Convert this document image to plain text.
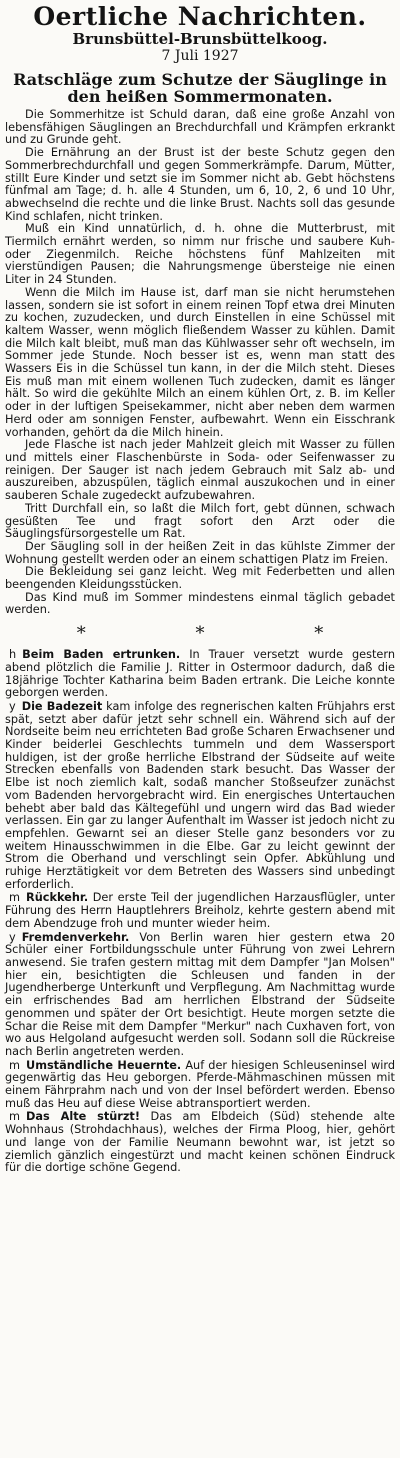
Oertliche Nachrichten.
Brunsbüttel-Brunsbüttelkoog.
7 Juli 1927
Ratschläge zum Schutze der Säuglinge in den heißen Sommermonaten.

Die Sommerhitze ist Schuld daran, daß eine große Anzahl von lebensfähigen Säuglingen an Brechdurchfall und Krämpfen erkrankt und zu Grunde geht.

Die Ernährung an der Brust ist der beste Schutz gegen den Sommerbrechdurchfall und gegen Sommerkrämpfe. Darum, Mütter, stillt Eure Kinder und setzt sie im Sommer nicht ab. Gebt höchstens fünfmal am Tage; d. h. alle 4 Stunden, um 6, 10, 2, 6 und 10 Uhr, abwechselnd die rechte und die linke Brust. Nachts soll das gesunde Kind schlafen, nicht trinken.

Muß ein Kind unnatürlich, d. h. ohne die Mutterbrust, mit Tiermilch ernährt werden, so nimm nur frische und saubere Kuh- oder Ziegenmilch. Reiche höchstens fünf Mahlzeiten mit vierstündigen Pausen; die Nahrungsmenge übersteige nie einen Liter in 24 Stunden.

Wenn die Milch im Hause ist, darf man sie nicht herumstehen lassen, sondern sie ist sofort in einem reinen Topf etwa drei Minuten zu kochen, zuzudecken, und durch Einstellen in eine Schüssel mit kaltem Wasser, wenn möglich fließendem Wasser zu kühlen. Damit die Milch kalt bleibt, muß man das Kühlwasser sehr oft wechseln, im Sommer jede Stunde. Noch besser ist es, wenn man statt des Wassers Eis in die Schüssel tun kann, in der die Milch steht. Dieses Eis muß man mit einem wollenen Tuch zudecken, damit es länger hält. So wird die gekühlte Milch an einem kühlen Ort, z. B. im Keller oder in der luftigen Speisekammer, nicht aber neben dem warmen Herd oder am sonnigen Fenster, aufbewahrt. Wenn ein Eisschrank vorhanden, gehört da die Milch hinein.

Jede Flasche ist nach jeder Mahlzeit gleich mit Wasser zu füllen und mittels einer Flaschenbürste in Soda- oder Seifenwasser zu reinigen. Der Sauger ist nach jedem Gebrauch mit Salz ab- und auszureiben, abzuspülen, täglich einmal auszukochen und in einer sauberen Schale zugedeckt aufzubewahren.

Tritt Durchfall ein, so laßt die Milch fort, gebt dünnen, schwach gesüßten Tee und fragt sofort den Arzt oder die Säuglingsfürsorgestelle um Rat.

Der Säugling soll in der heißen Zeit in das kühlste Zimmer der Wohnung gestellt werden oder an einem schattigen Platz im Freien.

Die Bekleidung sei ganz leicht. Weg mit Federbetten und allen beengenden Kleidungsstücken.

Das Kind muß im Sommer mindestens einmal täglich gebadet werden.

* * *

h Beim Baden ertrunken. In Trauer versetzt wurde gestern abend plötzlich die Familie J. Ritter in Ostermoor dadurch, daß die 18jährige Tochter Katharina beim Baden ertrank. Die Leiche konnte geborgen werden.

y Die Badezeit kam infolge des regnerischen kalten Frühjahrs erst spät, setzt aber dafür jetzt sehr schnell ein. Während sich auf der Nordseite beim neu errichteten Bad große Scharen Erwachsener und Kinder beiderlei Geschlechts tummeln und dem Wassersport huldigen, ist der große herrliche Elbstrand der Südseite auf weite Strecken ebenfalls von Badenden stark besucht. Das Wasser der Elbe ist noch ziemlich kalt, sodaß mancher Stoßseufzer zunächst vom Badenden hervorgebracht wird. Ein energisches Untertauchen behebt aber bald das Kältegefühl und ungern wird das Bad wieder verlassen. Ein gar zu langer Aufenthalt im Wasser ist jedoch nicht zu empfehlen. Gewarnt sei an dieser Stelle ganz besonders vor zu weitem Hinausschwimmen in die Elbe. Gar zu leicht gewinnt der Strom die Oberhand und verschlingt sein Opfer. Abkühlung und ruhige Herztätigkeit vor dem Betreten des Wassers sind unbedingt erforderlich.

m Rückkehr. Der erste Teil der jugendlichen Harzausflügler, unter Führung des Herrn Hauptlehrers Breiholz, kehrte gestern abend mit dem Abendzuge froh und munter wieder heim.

y Fremdenverkehr. Von Berlin waren hier gestern etwa 20 Schüler einer Fortbildungsschule unter Führung von zwei Lehrern anwesend. Sie trafen gestern mittag mit dem Dampfer "Jan Molsen" hier ein, besichtigten die Schleusen und fanden in der Jugendherberge Unterkunft und Verpflegung. Am Nachmittag wurde ein erfrischendes Bad am herrlichen Elbstrand der Südseite genommen und später der Ort besichtigt. Heute morgen setzte die Schar die Reise mit dem Dampfer "Merkur" nach Cuxhaven fort, von wo aus Helgoland aufgesucht werden soll. Sodann soll die Rückreise nach Berlin angetreten werden.

m Umständliche Heuernte. Auf der hiesigen Schleuseninsel wird gegenwärtig das Heu geborgen. Pferde-Mähmaschinen müssen mit einem Fährprahm nach und von der Insel befördert werden. Ebenso muß das Heu auf diese Weise abtransportiert werden.

m Das Alte stürzt! Das am Elbdeich (Süd) stehende alte Wohnhaus (Strohdachhaus), welches der Firma Ploog, hier, gehört und lange von der Familie Neumann bewohnt war, ist jetzt so ziemlich gänzlich eingestürzt und macht keinen schönen Eindruck für die dortige schöne Gegend.
